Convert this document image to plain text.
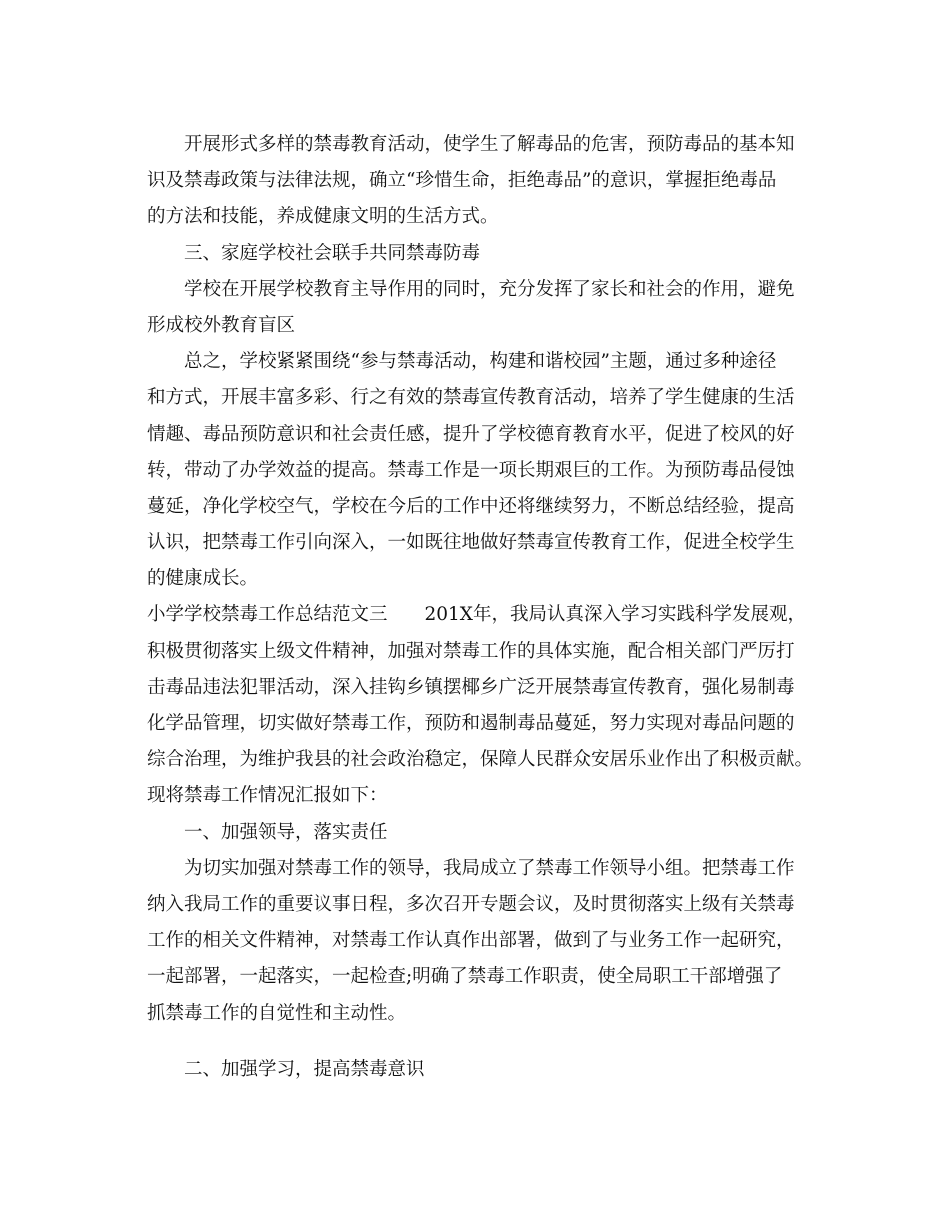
开展形式多样的禁毒教育活动，使学生了解毒品的危害，预防毒品的基本知
识及禁毒政策与法律法规，确立“珍惜生命，拒绝毒品”的意识，掌握拒绝毒品
的方法和技能，养成健康文明的生活方式。
三、家庭学校社会联手共同禁毒防毒
学校在开展学校教育主导作用的同时，充分发挥了家长和社会的作用，避免
形成校外教育盲区
总之，学校紧紧围绕“参与禁毒活动，构建和谐校园”主题，通过多种途径
和方式，开展丰富多彩、行之有效的禁毒宣传教育活动，培养了学生健康的生活
情趣、毒品预防意识和社会责任感，提升了学校德育教育水平，促进了校风的好
转，带动了办学效益的提高。禁毒工作是一项长期艰巨的工作。为预防毒品侵蚀
蔓延，净化学校空气，学校在今后的工作中还将继续努力，不断总结经验，提高
认识，把禁毒工作引向深入，一如既往地做好禁毒宣传教育工作，促进全校学生
的健康成长。
小学学校禁毒工作总结范文三　　201X年，我局认真深入学习实践科学发展观，
积极贯彻落实上级文件精神，加强对禁毒工作的具体实施，配合相关部门严厉打
击毒品违法犯罪活动，深入挂钩乡镇摆椰乡广泛开展禁毒宣传教育，强化易制毒
化学品管理，切实做好禁毒工作，预防和遏制毒品蔓延，努力实现对毒品问题的
综合治理，为维护我县的社会政治稳定，保障人民群众安居乐业作出了积极贡献。
现将禁毒工作情况汇报如下：
一、加强领导，落实责任
为切实加强对禁毒工作的领导，我局成立了禁毒工作领导小组。把禁毒工作
纳入我局工作的重要议事日程，多次召开专题会议，及时贯彻落实上级有关禁毒
工作的相关文件精神，对禁毒工作认真作出部署，做到了与业务工作一起研究，
一起部署，一起落实，一起检查;明确了禁毒工作职责，使全局职工干部增强了
抓禁毒工作的自觉性和主动性。
二、加强学习，提高禁毒意识
